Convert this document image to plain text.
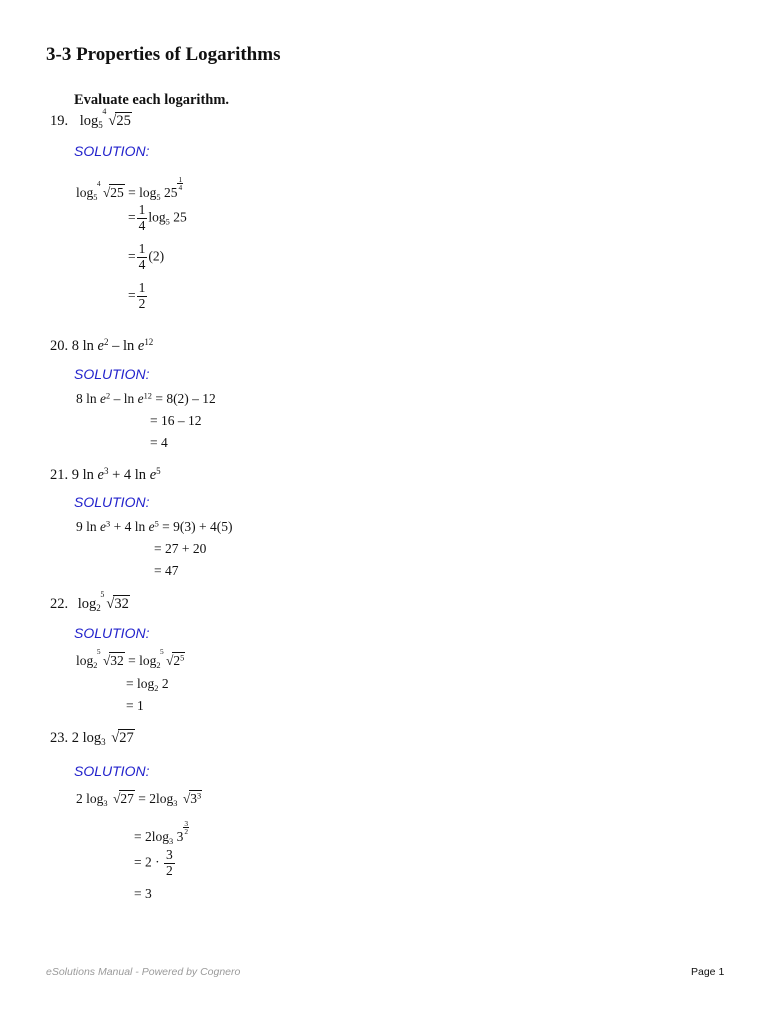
3-3 Properties of Logarithms
Evaluate each logarithm.
19. $\log_5$
4
√25
SOLUTION:
$\log_5$
4
$√25 = \log_5 25$
$\frac{1}{4}$
= $\frac{1}{4} \log_5 25$
= $\frac{1}{4} (2)$
= $\frac{1}{2}$
20. 8 $\ln e^2$ – $\ln e^{12}$
SOLUTION:
8 $\ln e^2 - \ln e^{12} = 8(2) - 12$
= 16 – 12
= 4
21. 9 $\ln e^3 + 4$ $\ln e^5$
SOLUTION:
9 $\ln e^3 + 4$ $\ln e^5 = 9(3) + 4(5)$
= 27 + 20
= 47
22. $\log_2$
5
√32
SOLUTION:
$\log_2$
5
$√32 = \log_2$
5
$√2^5$
= $\log_2 2$
= 1
23. 2 $\log_3 √27$
SOLUTION:
2 $\log_3 √27 = 2\log_3$ $√3^3$
= $2\log_3$ 3
$\frac{3}{2}$
= $2 \cdot \frac{3}{2}$
= 3
eSolutions Manual - Powered by Cognero	Page 1
